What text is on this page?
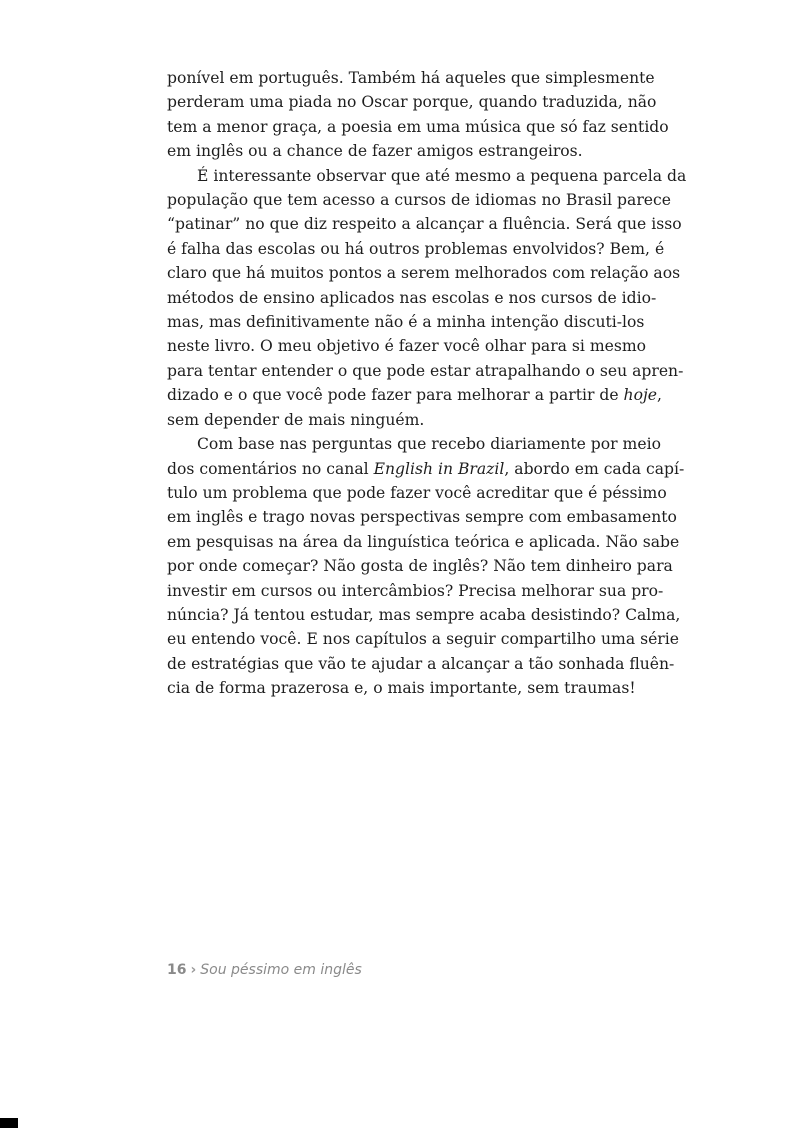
ponível em português. Também há aqueles que simplesmente
perderam uma piada no Oscar porque, quando traduzida, não
tem a menor graça, a poesia em uma música que só faz sentido
em inglês ou a chance de fazer amigos estrangeiros.
É interessante observar que até mesmo a pequena parcela da
população que tem acesso a cursos de idiomas no Brasil parece
“patinar” no que diz respeito a alcançar a fluência. Será que isso
é falha das escolas ou há outros problemas envolvidos? Bem, é
claro que há muitos pontos a serem melhorados com relação aos
métodos de ensino aplicados nas escolas e nos cursos de idio-
mas, mas definitivamente não é a minha intenção discuti-los
neste livro. O meu objetivo é fazer você olhar para si mesmo
para tentar entender o que pode estar atrapalhando o seu apren-
dizado e o que você pode fazer para melhorar a partir de hoje,
sem depender de mais ninguém.
Com base nas perguntas que recebo diariamente por meio
dos comentários no canal English in Brazil, abordo em cada capí-
tulo um problema que pode fazer você acreditar que é péssimo
em inglês e trago novas perspectivas sempre com embasamento
em pesquisas na área da linguística teórica e aplicada. Não sabe
por onde começar? Não gosta de inglês? Não tem dinheiro para
investir em cursos ou intercâmbios? Precisa melhorar sua pro-
núncia? Já tentou estudar, mas sempre acaba desistindo? Calma,
eu entendo você. E nos capítulos a seguir compartilho uma série
de estratégias que vão te ajudar a alcançar a tão sonhada fluên-
cia de forma prazerosa e, o mais importante, sem traumas!
16 › Sou péssimo em inglês
